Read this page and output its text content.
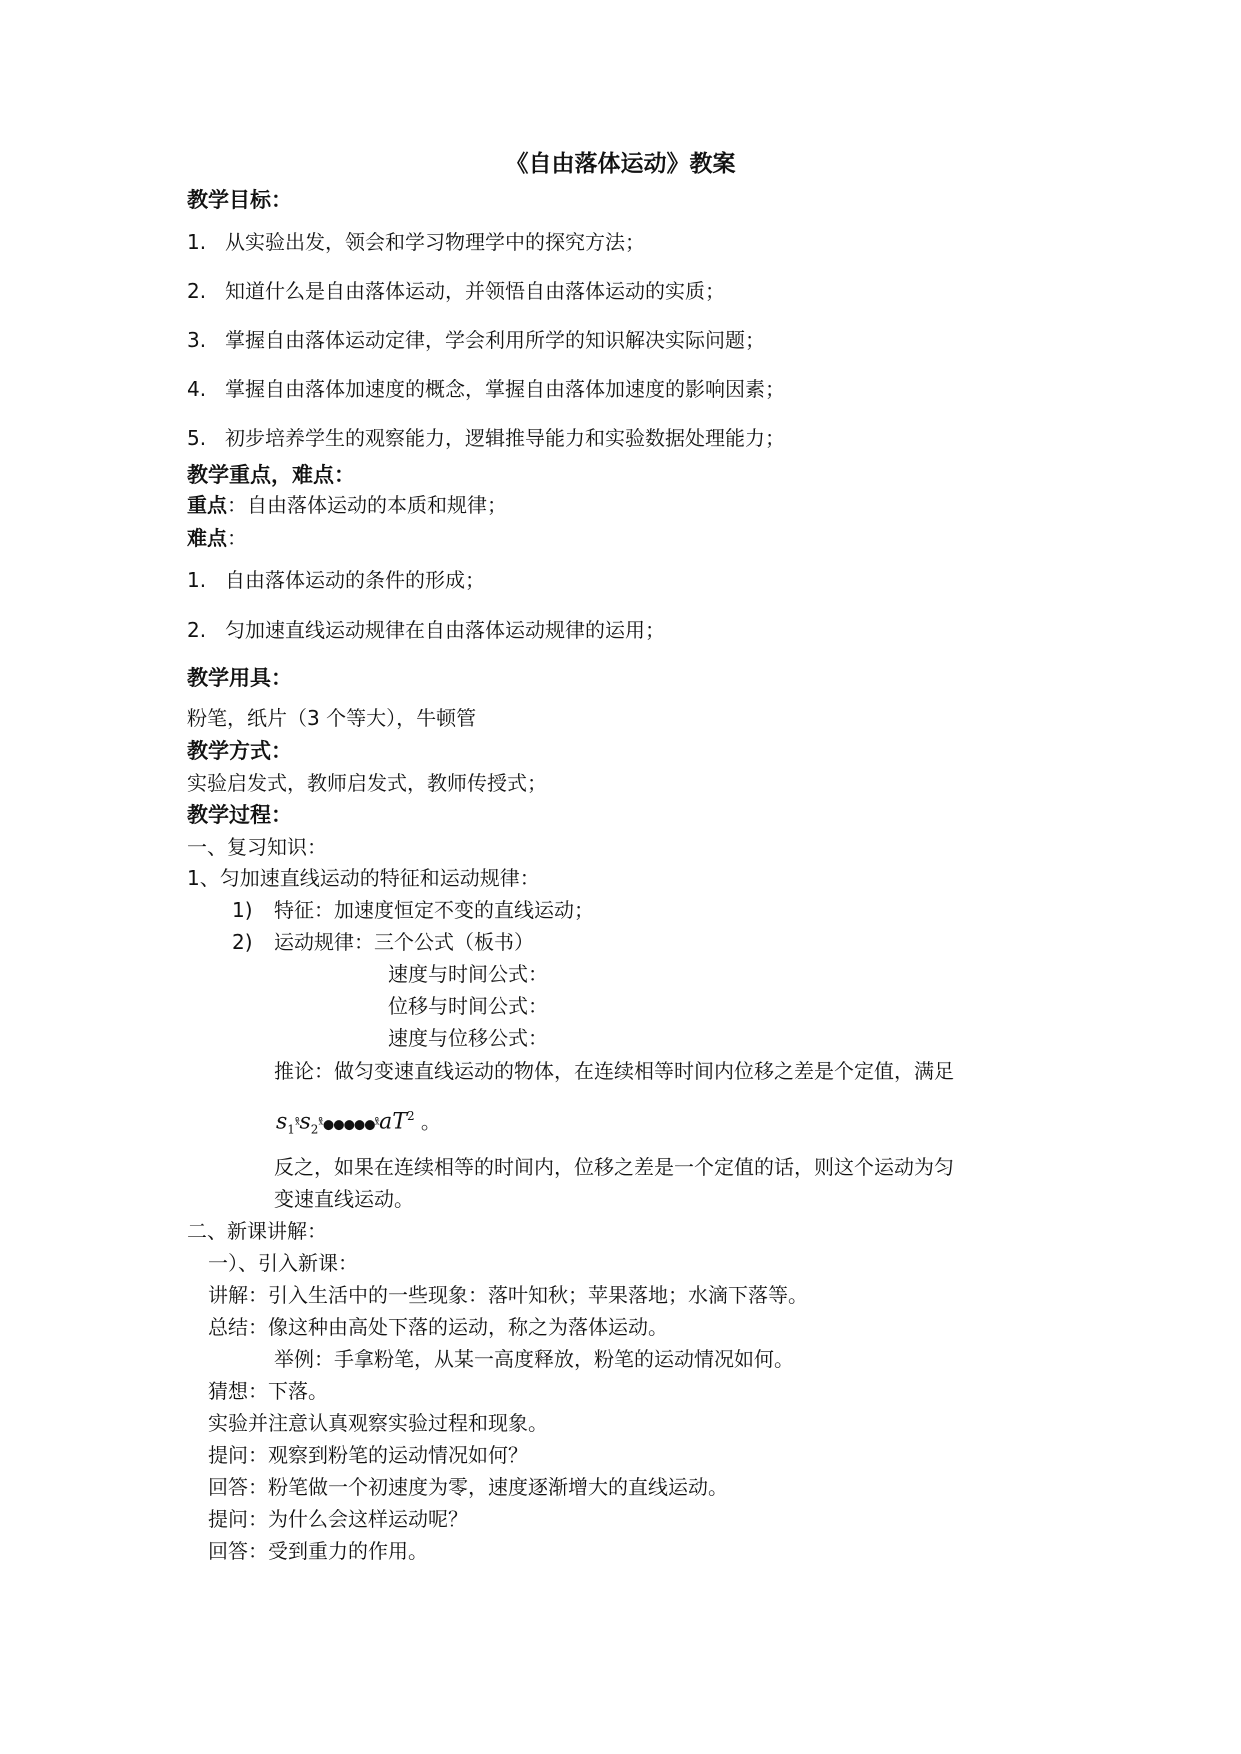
《自由落体运动》教案
教学目标：
1. 从实验出发，领会和学习物理学中的探究方法；
2. 知道什么是自由落体运动，并领悟自由落体运动的实质；
3. 掌握自由落体运动定律，学会利用所学的知识解决实际问题；
4. 掌握自由落体加速度的概念，掌握自由落体加速度的影响因素；
5. 初步培养学生的观察能力，逻辑推导能力和实验数据处理能力；
教学重点，难点：
重点：自由落体运动的本质和规律；
难点：
1. 自由落体运动的条件的形成；
2. 匀加速直线运动规律在自由落体运动规律的运用；
教学用具：
粉笔，纸片（3 个等大），牛顿管
教学方式：
实验启发式，教师启发式，教师传授式；
教学过程：
一、复习知识：
1、匀加速直线运动的特征和运动规律：
1) 特征：加速度恒定不变的直线运动；
2) 运动规律：三个公式（板书）
速度与时间公式：
位移与时间公式：
速度与位移公式：
推论：做匀变速直线运动的物体，在连续相等时间内位移之差是个定值，满足
$s_1ˣ̊s_2ˣ̊●●●●●ˣ̊aT^2$ 。
反之，如果在连续相等的时间内，位移之差是一个定值的话，则这个运动为匀
变速直线运动。
二、新课讲解：
一）、引入新课：
讲解：引入生活中的一些现象：落叶知秋；苹果落地；水滴下落等。
总结：像这种由高处下落的运动，称之为落体运动。
举例：手拿粉笔，从某一高度释放，粉笔的运动情况如何。
猜想：下落。
实验并注意认真观察实验过程和现象。
提问：观察到粉笔的运动情况如何？
回答：粉笔做一个初速度为零，速度逐渐增大的直线运动。
提问：为什么会这样运动呢？
回答：受到重力的作用。
